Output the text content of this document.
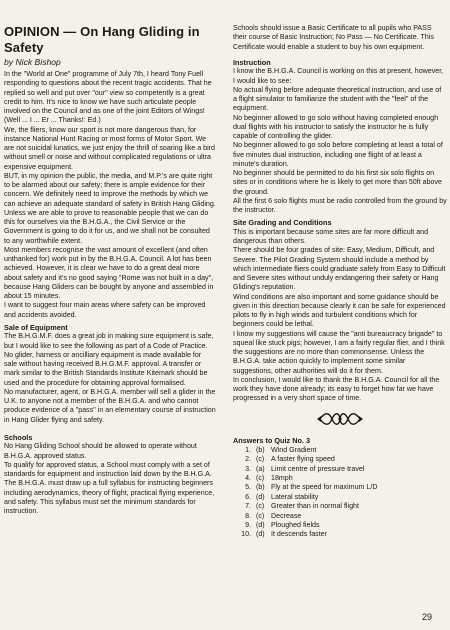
OPINION — On Hang Gliding in Safety
by Nick Bishop

In the "World at One" programme of July 7th, I heard Tony Fuell responding to questions about the recent tragic accidents. That he replied so well and put over "our" view so competently is a great credit to him. It's nice to know we have such articulate people involved on the Council and as one of the joint Editors of Wings! (Well ... I ... Er ... Thanks!: Ed.)

We, the fliers, know our sport is not more dangerous than, for instance National Hunt Racing or most forms of Motor Sport. We are not suicidal lunatics, we just enjoy the thrill of soaring like a bird without smell or noise and without complicated regulations or ultra expensive equipment.

BUT, in my opinion the public, the media, and M.P.'s are quite right to be alarmed about our safety; there is ample evidence for their concern. We definitely need to improve the methods by which we can achieve an adequate standard of safety in British Hang Gliding.

Unless we are able to prove to reasonable people that we can do this for ourselves via the B.H.G.A., the Civil Service or the Government is going to do it for us, and we shall not be consulted to any worthwhile extent.

Most members recognise the vast amount of excellent (and often unthanked for) work put in by the B.H.G.A. Council. A lot has been achieved. However, it is clear we have to do a great deal more about safety and it's no good saying "Rome was not built in a day", because Hang Gliders can be bought by anyone and assembled in about 15 minutes.

I want to suggest four main areas where safety can be improved and accidents avoided.

Sale of Equipment

The B.H.G.M.F. does a great job in making sure equipment is safe, but I would like to see the following as part of a Code of Practice.

No glider, harness or ancilliary equipment is made available for sale without having received B.H.G.M.F. approval. A transfer or mark similar to the British Standards Institute Kitemark should be used and the procedure for obtaining approval formalised.

No manufacturer, agent, or B.H.G.A. member will sell a glider in the U.K. to anyone not a member of the B.H.G.A. and who cannot produce evidence of a "pass" in an elementary course of instruction in Hang Glider flying and safety.

Schools

No Hang Gliding School should be allowed to operate without B.H.G.A. approved status.

To qualify for approved status, a School must comply with a set of standards for equipment and instruction laid down by the B.H.G.A.

The B.H.G.A. must draw up a full syllabus for instructing beginners including aerodynamics, theory of flight, practical flying experience, and safety. This syllabus must set the minimum standards for instruction.

Schools should issue a Basic Certificate to all pupils who PASS their course of Basic Instruction; No Pass — No Certificate. This Certificate would enable a student to buy his own equipment.

Instruction

I know the B.H.G.A. Council is working on this at present, however, I would like to see:

No actual flying before adequate theoretical instruction, and use of a flight simulator to familiarize the student with the "feel" of the equipment.

No beginner allowed to go solo without having completed enough dual flights with his instructor to satisfy the instructor he is fully capable of controlling the glider.

No beginner allowed to go solo before completing at least a total of five minutes dual instruction, including one flight of at least a minute's duration.

No beginner should be permitted to do his first six solo flights on sites or in conditions where he is likely to get more than 50ft above the ground.

All the first 6 solo flights must be radio controlled from the ground by the instructor.

Site Grading and Conditions

This is important because some sites are far more difficult and dangerous than others.

There should be four grades of site: Easy, Medium, Difficult, and Severe. The Pilot Grading System should include a method by which intermediate fliers could graduate safely from Easy to Difficult and Severe sites without unduly endangering their safety or Hang Gliding's reputation.

Wind conditions are also important and some guidance should be given in this direction because clearly it can be safe for experienced pilots to fly in high winds and turbulent conditions which for beginners could be lethal.

I know my suggestions will cause the "anti bureaucracy brigade" to squeal like stuck pigs; however, I am a fairly regular flier, and I think the suggestions are no more than commonsense. Unless the B.H.G.A. take action quickly to implement some similar suggestions, other authorities will do it for them.

In conclusion, I would like to thank the B.H.G.A. Council for all the work they have done already; its easy to forget how far we have progressed in a very short space of time.

Answers to Quiz No. 3
1. (b) Wind Gradient
2. (c) A faster flying speed
3. (a) Limit centre of pressure travel
4. (c) 18mph
5. (b) Fly at the speed for maximum L/D
6. (d) Lateral stability
7. (c) Greater than in normal flight
8. (c) Decrease
9. (d) Ploughed fields
10. (d) It descends faster
29
